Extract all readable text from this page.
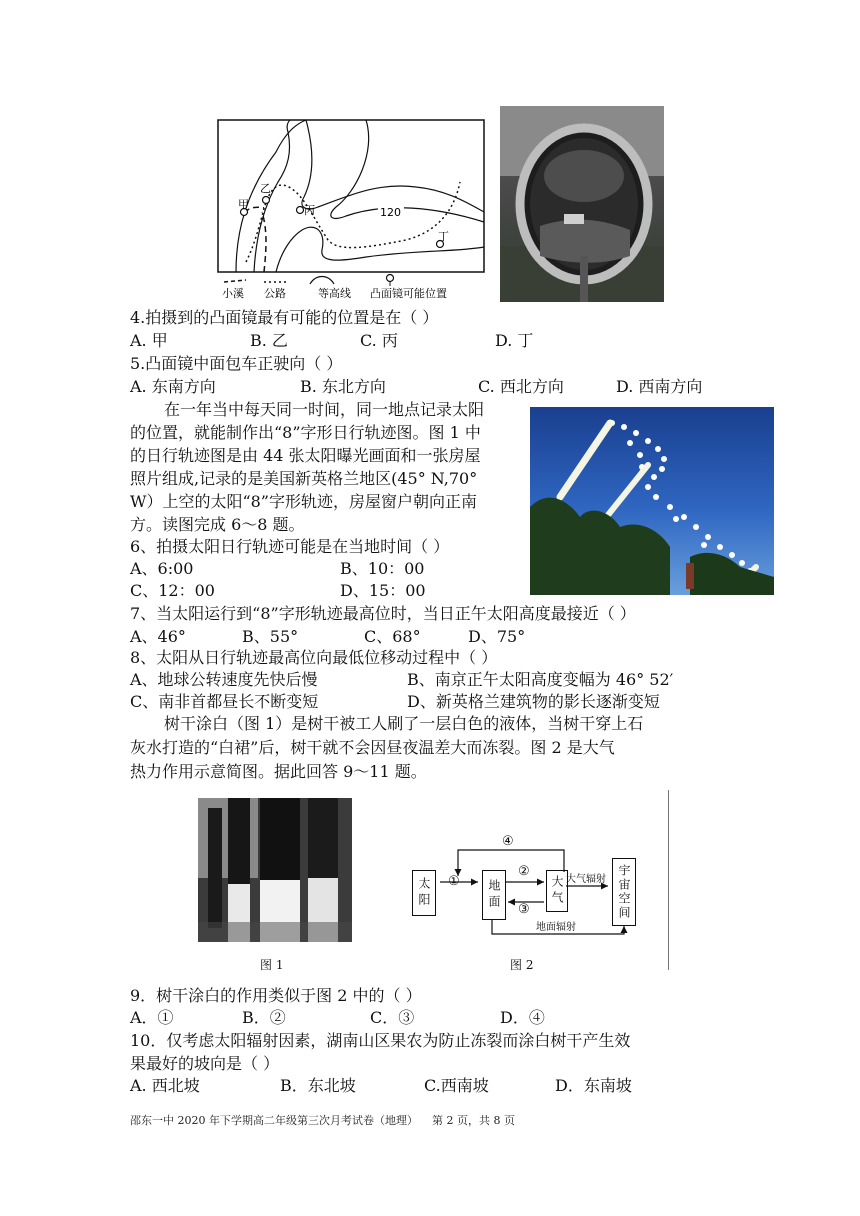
甲
乙
丙
丁
120
小溪 公路	等高线 凸面镜可能位置
4.拍摄到的凸面镜最有可能的位置是在（ ）
A. 甲	B. 乙	C. 丙	D. 丁
5.凸面镜中面包车正驶向（ ）
A. 东南方向	B. 东北方向	C. 西北方向	D. 西南方向
在一年当中每天同一时间，同一地点记录太阳
的位置，就能制作出“8”字形日行轨迹图。图 1 中
的日行轨迹图是由 44 张太阳曝光画面和一张房屋
照片组成,记录的是美国新英格兰地区(45° N,70°
W）上空的太阳“8”字形轨迹，房屋窗户朝向正南
方。读图完成 6～8 题。
6、拍摄太阳日行轨迹可能是在当地时间（ ）
A、6:00	B、10：00
C、12：00	D、15：00
7、当太阳运行到“8”字形轨迹最高位时，当日正午太阳高度最接近（ ）
A、46°	B、55°	C、68°	D、75°
8、太阳从日行轨迹最高位向最低位移动过程中（ ）
A、地球公转速度先快后慢	B、南京正午太阳高度变幅为 46° 52′
C、南非首都昼长不断变短	D、新英格兰建筑物的影长逐渐变短
树干涂白（图 1）是树干被工人刷了一层白色的液体，当树干穿上石
灰水打造的“白裙”后，树干就不会因昼夜温差大而冻裂。图 2 是大气
热力作用示意简图。据此回答 9～11 题。
图 1
太阳	地面	大气	宇宙空间
①
②
③
④
大气辐射
地面辐射
图 2
9．树干涂白的作用类似于图 2 中的（ ）
A．①	B．②	C．③	D．④
10．仅考虑太阳辐射因素，湖南山区果农为防止冻裂而涂白树干产生效
果最好的坡向是（ ）
A. 西北坡	B．东北坡	C.西南坡	D．东南坡
邵东一中 2020 年下学期高二年级第三次月考试卷（地理） 第 2 页，共 8 页
